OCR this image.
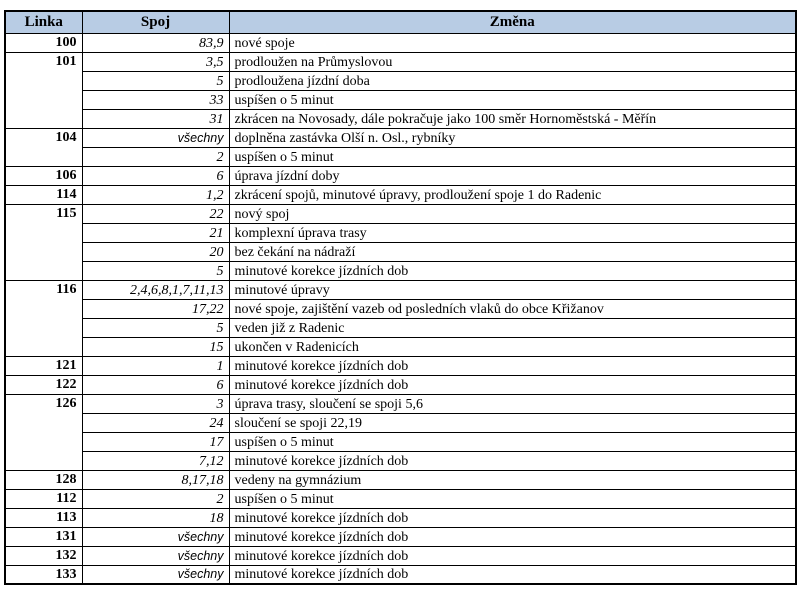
Linka	Spoj	Změna
100	83,9	nové spoje
101	3,5	prodloužen na Průmyslovou
	5	prodloužena jízdní doba
	33	uspíšen o 5 minut
	31	zkrácen na Novosady, dále pokračuje jako 100 směr Hornoměstská - Měřín
104	všechny	doplněna zastávka Olší n. Osl., rybníky
	2	uspíšen o 5 minut
106	6	úprava jízdní doby
114	1,2	zkrácení spojů, minutové úpravy, prodloužení spoje 1 do Radenic
115	22	nový spoj
	21	komplexní úprava trasy
	20	bez čekání na nádraží
	5	minutové korekce jízdních dob
116	2,4,6,8,1,7,11,13	minutové úpravy
	17,22	nové spoje, zajištění vazeb od posledních vlaků do obce Křižanov
	5	veden již z Radenic
	15	ukončen v Radenicích
121	1	minutové korekce jízdních dob
122	6	minutové korekce jízdních dob
126	3	úprava trasy, sloučení se spoji 5,6
	24	sloučení se spoji 22,19
	17	uspíšen o 5 minut
	7,12	minutové korekce jízdních dob
128	8,17,18	vedeny na gymnázium
112	2	uspíšen o 5 minut
113	18	minutové korekce jízdních dob
131	všechny	minutové korekce jízdních dob
132	všechny	minutové korekce jízdních dob
133	všechny	minutové korekce jízdních dob
